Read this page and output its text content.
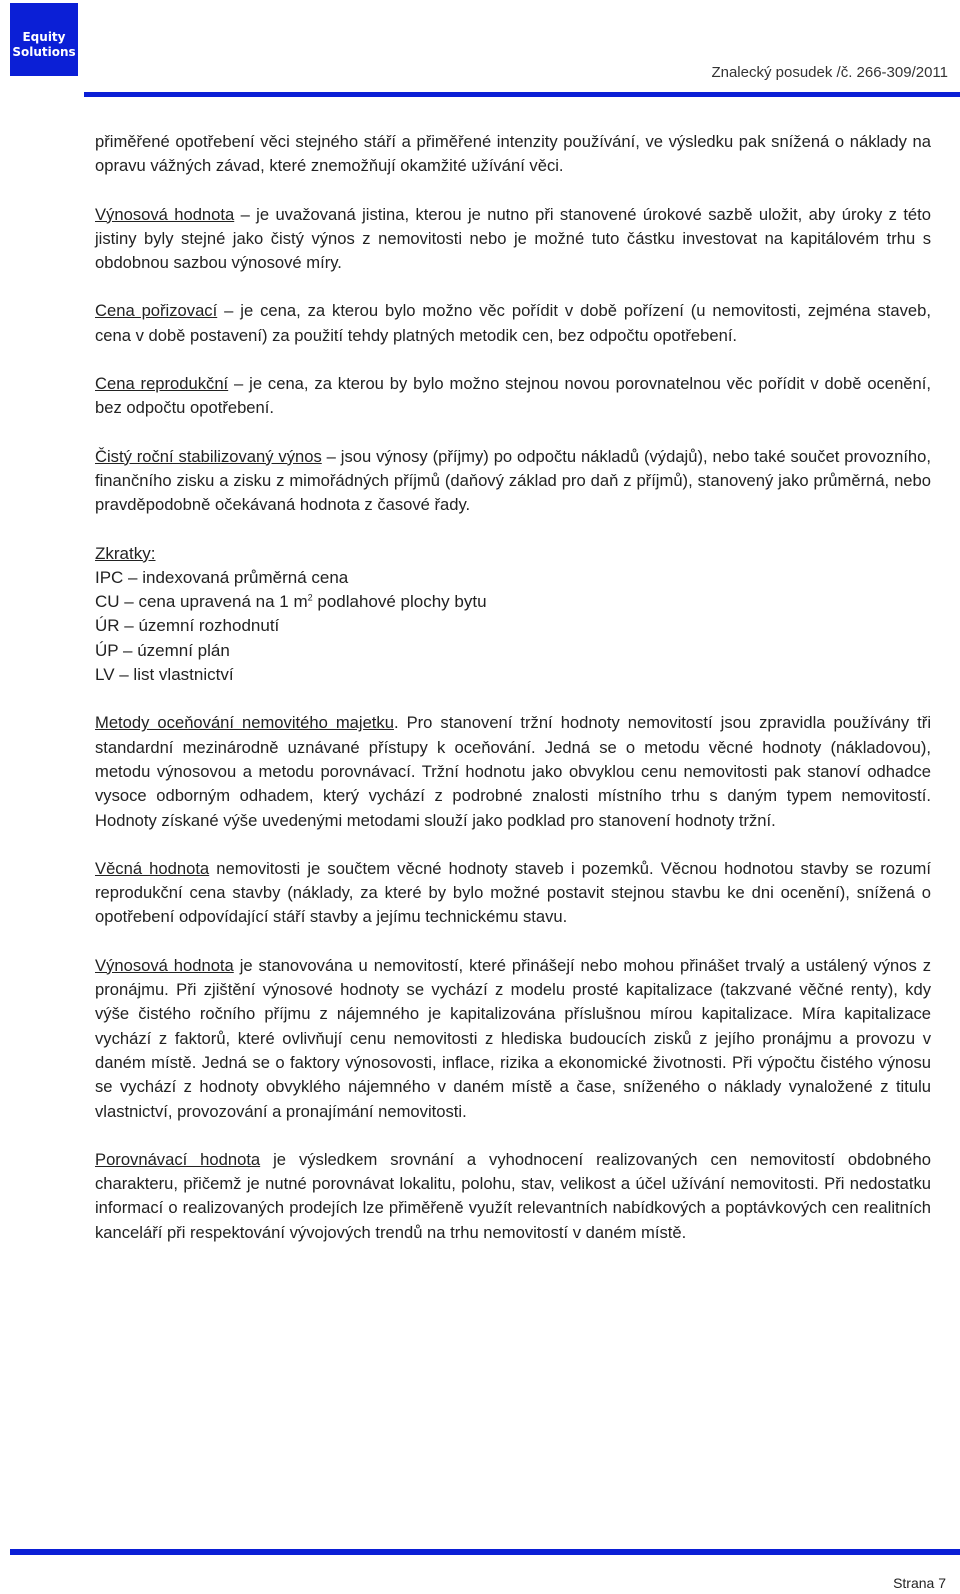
Equity
Solutions
Znalecký posudek /č. 266-309/2011

přiměřené opotřebení věci stejného stáří a přiměřené intenzity používání, ve výsledku pak snížená o náklady na opravu vážných závad, které znemožňují okamžité užívání věci.

Výnosová hodnota – je uvažovaná jistina, kterou je nutno při stanovené úrokové sazbě uložit, aby úroky z této jistiny byly stejné jako čistý výnos z nemovitosti nebo je možné tuto částku investovat na kapitálovém trhu s obdobnou sazbou výnosové míry.

Cena pořizovací – je cena, za kterou bylo možno věc pořídit v době pořízení (u nemovitosti, zejména staveb, cena v době postavení) za použití tehdy platných metodik cen, bez odpočtu opotřebení.

Cena reprodukční – je cena, za kterou by bylo možno stejnou novou porovnatelnou věc pořídit v době ocenění, bez odpočtu opotřebení.

Čistý roční stabilizovaný výnos – jsou výnosy (příjmy) po odpočtu nákladů (výdajů), nebo také součet provozního, finančního zisku a zisku z mimořádných příjmů (daňový základ pro daň z příjmů), stanovený jako průměrná, nebo pravděpodobně očekávaná hodnota z časové řady.

Zkratky:
IPC – indexovaná průměrná cena
CU – cena upravená na 1 $m^2$ podlahové plochy bytu
ÚR – územní rozhodnutí
ÚP – územní plán
LV – list vlastnictví

Metody oceňování nemovitého majetku. Pro stanovení tržní hodnoty nemovitostí jsou zpravidla používány tři standardní mezinárodně uznávané přístupy k oceňování. Jedná se o metodu věcné hodnoty (nákladovou), metodu výnosovou a metodu porovnávací. Tržní hodnotu jako obvyklou cenu nemovitosti pak stanoví odhadce vysoce odborným odhadem, který vychází z podrobné znalosti místního trhu s daným typem nemovitostí. Hodnoty získané výše uvedenými metodami slouží jako podklad pro stanovení hodnoty tržní.

Věcná hodnota nemovitosti je součtem věcné hodnoty staveb i pozemků. Věcnou hodnotou stavby se rozumí reprodukční cena stavby (náklady, za které by bylo možné postavit stejnou stavbu ke dni ocenění), snížená o opotřebení odpovídající stáří stavby a jejímu technickému stavu.

Výnosová hodnota je stanovována u nemovitostí, které přinášejí nebo mohou přinášet trvalý a ustálený výnos z pronájmu. Při zjištění výnosové hodnoty se vychází z modelu prosté kapitalizace (takzvané věčné renty), kdy výše čistého ročního příjmu z nájemného je kapitalizována příslušnou mírou kapitalizace. Míra kapitalizace vychází z faktorů, které ovlivňují cenu nemovitosti z hlediska budoucích zisků z jejího pronájmu a provozu v daném místě. Jedná se o faktory výnosovosti, inflace, rizika a ekonomické životnosti. Při výpočtu čistého výnosu se vychází z hodnoty obvyklého nájemného v daném místě a čase, sníženého o náklady vynaložené z titulu vlastnictví, provozování a pronajímání nemovitosti.

Porovnávací hodnota je výsledkem srovnání a vyhodnocení realizovaných cen nemovitostí obdobného charakteru, přičemž je nutné porovnávat lokalitu, polohu, stav, velikost a účel užívání nemovitosti. Při nedostatku informací o realizovaných prodejích lze přiměřeně využít relevantních nabídkových a poptávkových cen realitních kanceláří při respektování vývojových trendů na trhu nemovitostí v daném místě.

Strana 7
